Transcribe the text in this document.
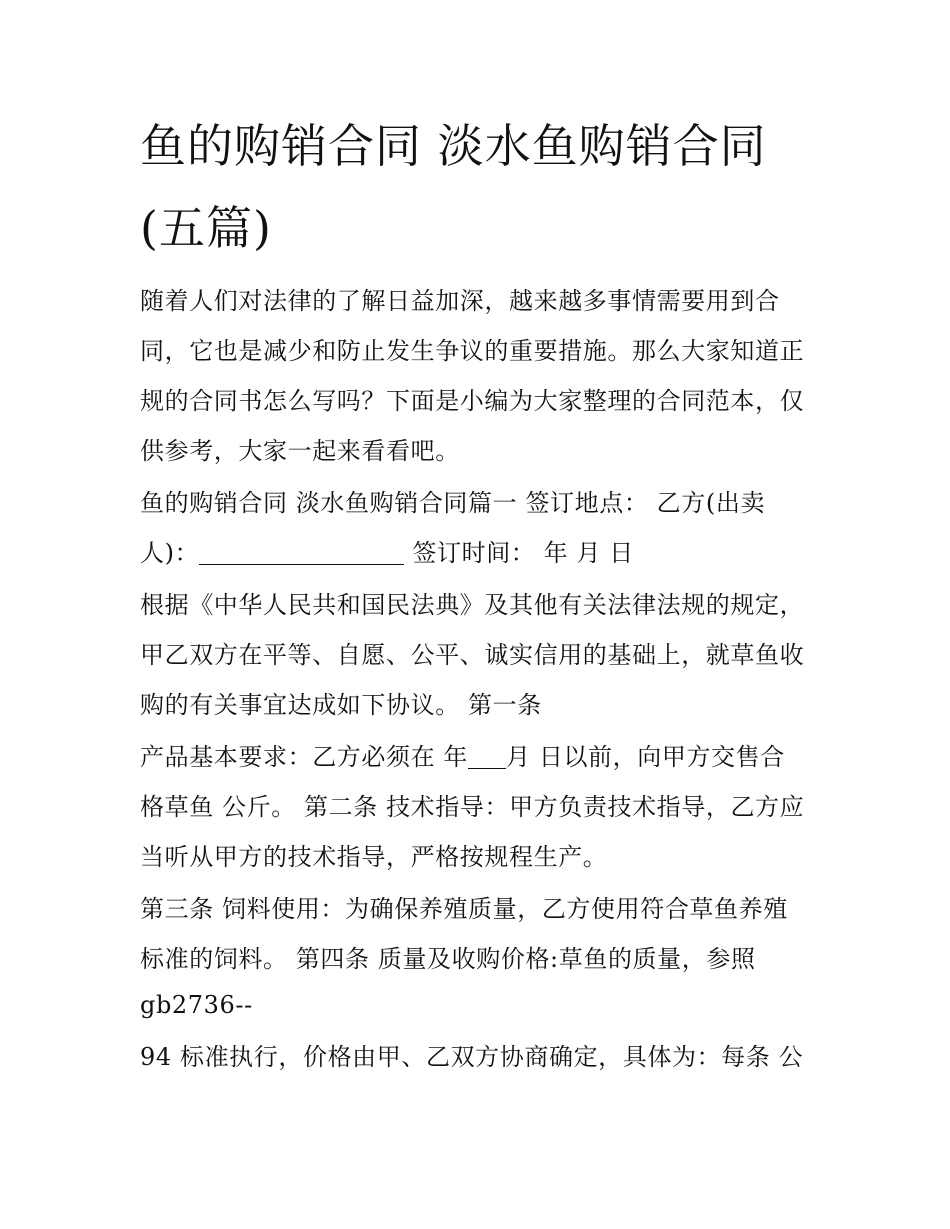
鱼的购销合同 淡水鱼购销合同
(五篇)
随着人们对法律的了解日益加深，越来越多事情需要用到合
同，它也是减少和防止发生争议的重要措施。那么大家知道正
规的合同书怎么写吗？下面是小编为大家整理的合同范本，仅
供参考，大家一起来看看吧。
鱼的购销合同 淡水鱼购销合同篇一 签订地点： 乙方(出卖
人)：	签订时间： 年 月 日
根据《中华人民共和国民法典》及其他有关法律法规的规定，
甲乙双方在平等、自愿、公平、诚实信用的基础上，就草鱼收
购的有关事宜达成如下协议。 第一条
产品基本要求：乙方必须在 年 月 日以前，向甲方交售合
格草鱼 公斤。 第二条 技术指导：甲方负责技术指导，乙方应
当听从甲方的技术指导，严格按规程生产。
第三条 饲料使用：为确保养殖质量，乙方使用符合草鱼养殖
标准的饲料。 第四条 质量及收购价格:草鱼的质量，参照
gb2736--
94 标准执行，价格由甲、乙双方协商确定，具体为：每条 公
